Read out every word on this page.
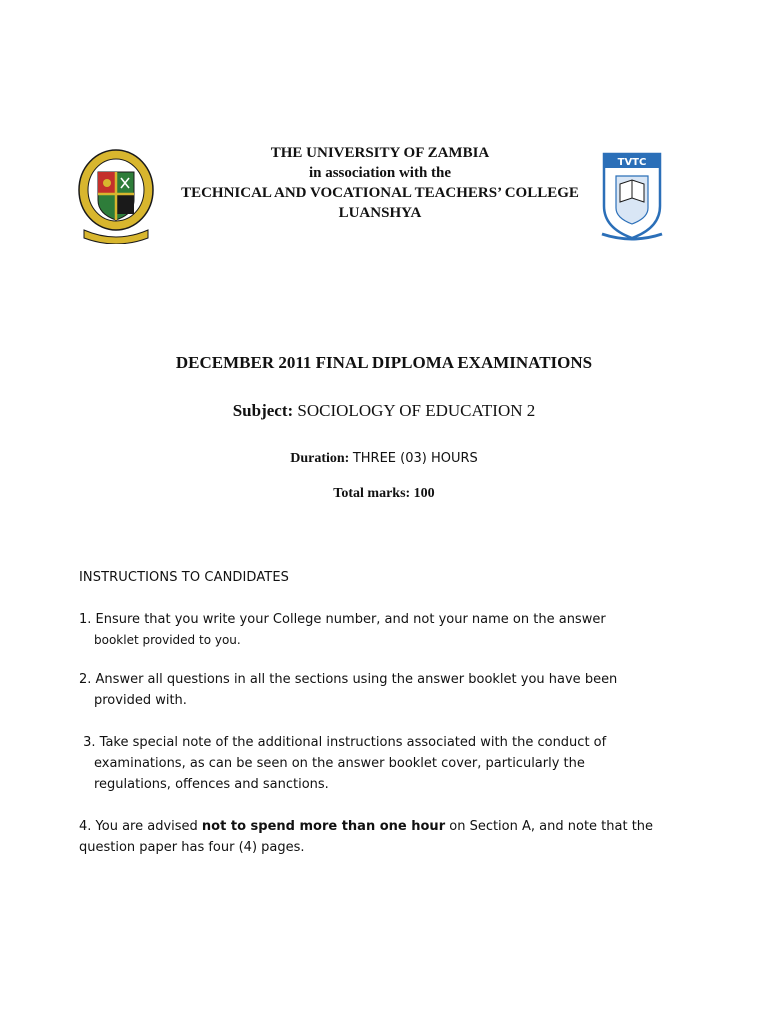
THE UNIVERSITY OF ZAMBIA
in association with the
TECHNICAL AND VOCATIONAL TEACHERS’ COLLEGE
LUANSHYA
TVTC
DECEMBER 2011 FINAL DIPLOMA EXAMINATIONS
Subject: SOCIOLOGY OF EDUCATION 2
Duration: THREE (03) HOURS
Total marks: 100
INSTRUCTIONS TO CANDIDATES
1. Ensure that you write your College number, and not your name on the answer
booklet provided to you.
2. Answer all questions in all the sections using the answer booklet you have been
provided with.
3. Take special note of the additional instructions associated with the conduct of
examinations, as can be seen on the answer booklet cover, particularly the
regulations, offences and sanctions.
4. You are advised not to spend more than one hour on Section A, and note that the
question paper has four (4) pages.
